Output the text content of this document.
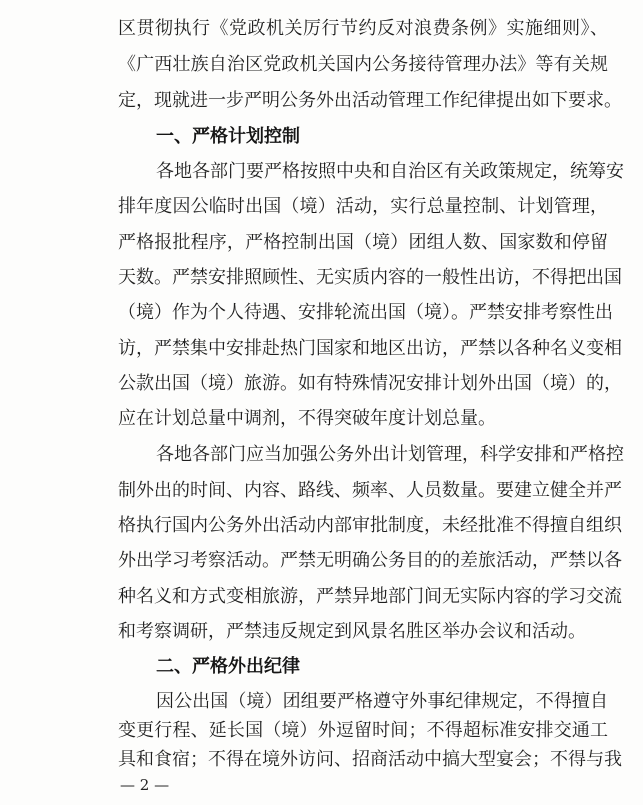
区贯彻执行《党政机关厉行节约反对浪费条例》实施细则》、
《广西壮族自治区党政机关国内公务接待管理办法》等有关规
定，现就进一步严明公务外出活动管理工作纪律提出如下要求。
一、严格计划控制
各地各部门要严格按照中央和自治区有关政策规定，统筹安
排年度因公临时出国（境）活动，实行总量控制、计划管理，
严格报批程序，严格控制出国（境）团组人数、国家数和停留
天数。严禁安排照顾性、无实质内容的一般性出访，不得把出国
（境）作为个人待遇、安排轮流出国（境）。严禁安排考察性出
访，严禁集中安排赴热门国家和地区出访，严禁以各种名义变相
公款出国（境）旅游。如有特殊情况安排计划外出国（境）的，
应在计划总量中调剂，不得突破年度计划总量。
各地各部门应当加强公务外出计划管理，科学安排和严格控
制外出的时间、内容、路线、频率、人员数量。要建立健全并严
格执行国内公务外出活动内部审批制度，未经批准不得擅自组织
外出学习考察活动。严禁无明确公务目的的差旅活动，严禁以各
种名义和方式变相旅游，严禁异地部门间无实际内容的学习交流
和考察调研，严禁违反规定到风景名胜区举办会议和活动。
二、严格外出纪律
因公出国（境）团组要严格遵守外事纪律规定，不得擅自
变更行程、延长国（境）外逗留时间；不得超标准安排交通工
具和食宿；不得在境外访问、招商活动中搞大型宴会；不得与我
— 2 —
